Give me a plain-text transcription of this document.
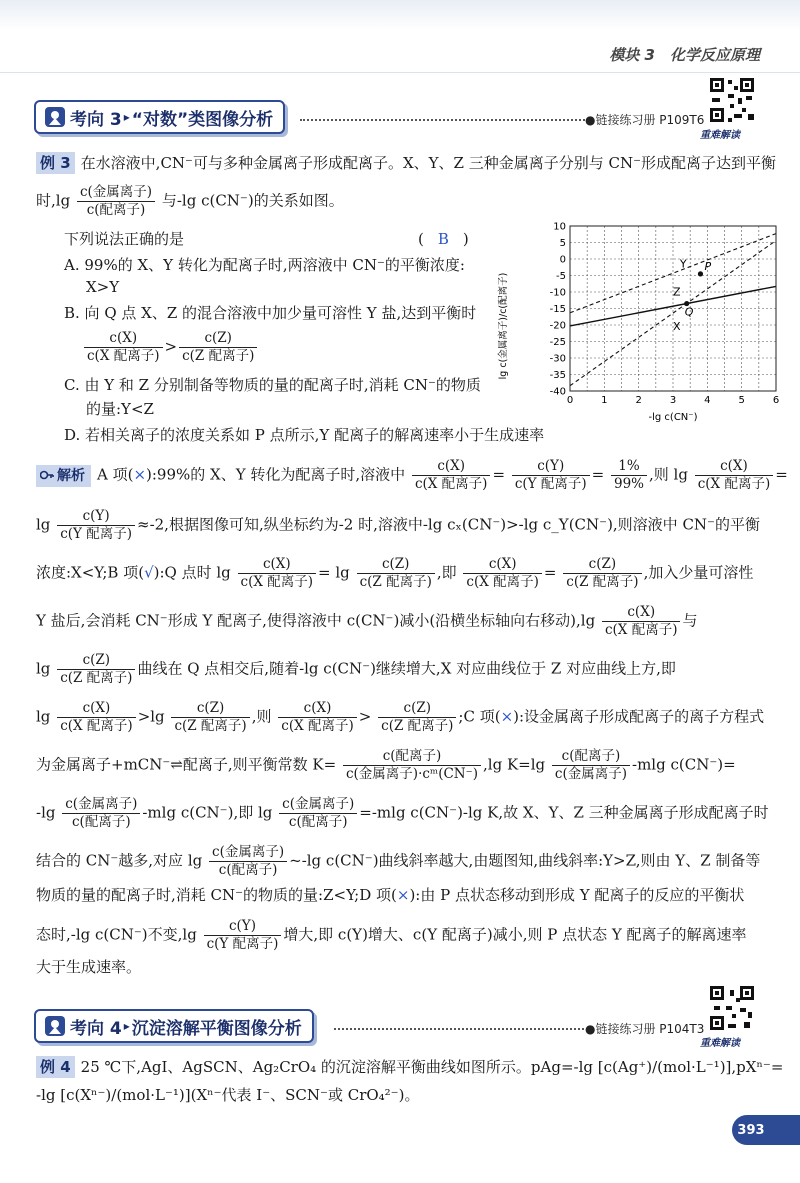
模块 3　化学反应原理
考向 3 ▸ “对数”类图像分析	●链接练习册 P109T6
重难解读
例 3 在水溶液中,CN⁻可与多种金属离子形成配离子。X、Y、Z 三种金属离子分别与 CN⁻形成配离子达到平衡
时$,\lg \frac{\text{c(金属离子)}}{\text{c(配离子)}}$ 与-lg c(CN⁻)的关系如图。
下列说法正确的是	( B )
A. 99%的 X、Y 转化为配离子时,两溶液中 CN⁻的平衡浓度:
X>Y
B. 向 Q 点 X、Z 的混合溶液中加少量可溶性 Y 盐,达到平衡时
$\frac{c(X)}{\text{c(X 配离子)}} > \frac{c(Z)}{\text{c(Z 配离子)}}$
C. 由 Y 和 Z 分别制备等物质的量的配离子时,消耗 CN⁻的物质
的量:Y<Z
D. 若相关离子的浓度关系如 P 点所示,Y 配离子的解离速率小于生成速率
Y
X
Z
0	1	2	3	4	5	6
10
5
0
-5
-10
-15
-20
-25
-30
-35
-40
P
Q
-lg c(CN⁻)
lg c(金属离子)/c(配离子)
解析 A 项(×):99%的 X、Y 转化为配离子时,溶液中 $\frac{c(X)}{\text{c(X 配离子)}} = \frac{c(Y)}{\text{c(Y 配离子)}} = \frac{1\%}{99\%}$ ,则 $\lg \frac{c(X)}{\text{c(X 配离子)}}$ =
$\lg \frac{c(Y)}{\text{c(Y 配离子)}} \approx-2$,根据图像可知,纵坐标约为-2 时,溶液中-lg cₓ(CN⁻)>-lg c_Y(CN⁻),则溶液中 CN⁻的平衡
浓度:X<Y;B 项(√):Q 点时 $\lg \frac{c(X)}{\text{c(X 配离子)}} = \lg \frac{c(Z)}{\text{c(Z 配离子)}}$ ,即 $\frac{c(X)}{\text{c(X 配离子)}} = \frac{c(Z)}{\text{c(Z 配离子)}}$ ,加入少量可溶性
Y 盐后,会消耗 CN⁻形成 Y 配离子,使得溶液中 c(CN⁻)减小(沿横坐标轴向右移动)$,\lg \frac{c(X)}{\text{c(X 配离子)}}$ 与
$\lg \frac{c(Z)}{\text{c(Z 配离子)}}$ 曲线在 Q 点相交后,随着-lg c(CN⁻)继续增大,X 对应曲线位于 Z 对应曲线上方,即
$\lg \frac{c(X)}{\text{c(X 配离子)}} >\lg \frac{c(Z)}{\text{c(Z 配离子)}}$ ,则 $\frac{c(X)}{\text{c(X 配离子)}} > \frac{c(Z)}{\text{c(Z 配离子)}}$ ;C 项(×):设金属离子形成配离子的离子方程式
为金属离子+mCN⁻⇌配离子,则平衡常数 $K= \frac{\text{c(配离子)}}{\text{c(金属离子)·cᵐ(CN⁻)}} ,\lg$ $K=\lg \frac{\text{c(配离子)}}{\text{c(金属离子)}} -mlg$ c(CN⁻)=
$-\lg \frac{\text{c(金属离子)}}{\text{c(配离子)}} -mlg$ c(CN⁻),即 $\lg \frac{\text{c(金属离子)}}{\text{c(配离子)}} =-mlg$ c(CN⁻)-lg K,故 X、Y、Z 三种金属离子形成配离子时
结合的 CN⁻越多,对应 $\lg \frac{\text{c(金属离子)}}{\text{c(配离子)}}$ ~-lg c(CN⁻)曲线斜率越大,由题图知,曲线斜率:Y>Z,则由 Y、Z 制备等
物质的量的配离子时,消耗 CN⁻的物质的量:Z<Y;D 项(×):由 P 点状态移动到形成 Y 配离子的反应的平衡状
态时,-lg c(CN⁻)不变$,\lg \frac{c(Y)}{\text{c(Y 配离子)}}$ 增大,即 c(Y)增大、c(Y 配离子)减小,则 P 点状态 Y 配离子的解离速率
大于生成速率。
考向 4 ▸ 沉淀溶解平衡图像分析	●链接练习册 P104T3
重难解读
例 4 25 ℃下,AgI、AgSCN、Ag₂CrO₄ 的沉淀溶解平衡曲线如图所示。pAg=-lg [c(Ag⁺)/(mol·L⁻¹)],pXⁿ⁻=
-lg [c(Xⁿ⁻)/(mol·L⁻¹)](Xⁿ⁻代表 I⁻、SCN⁻或 CrO₄²⁻)。
393
